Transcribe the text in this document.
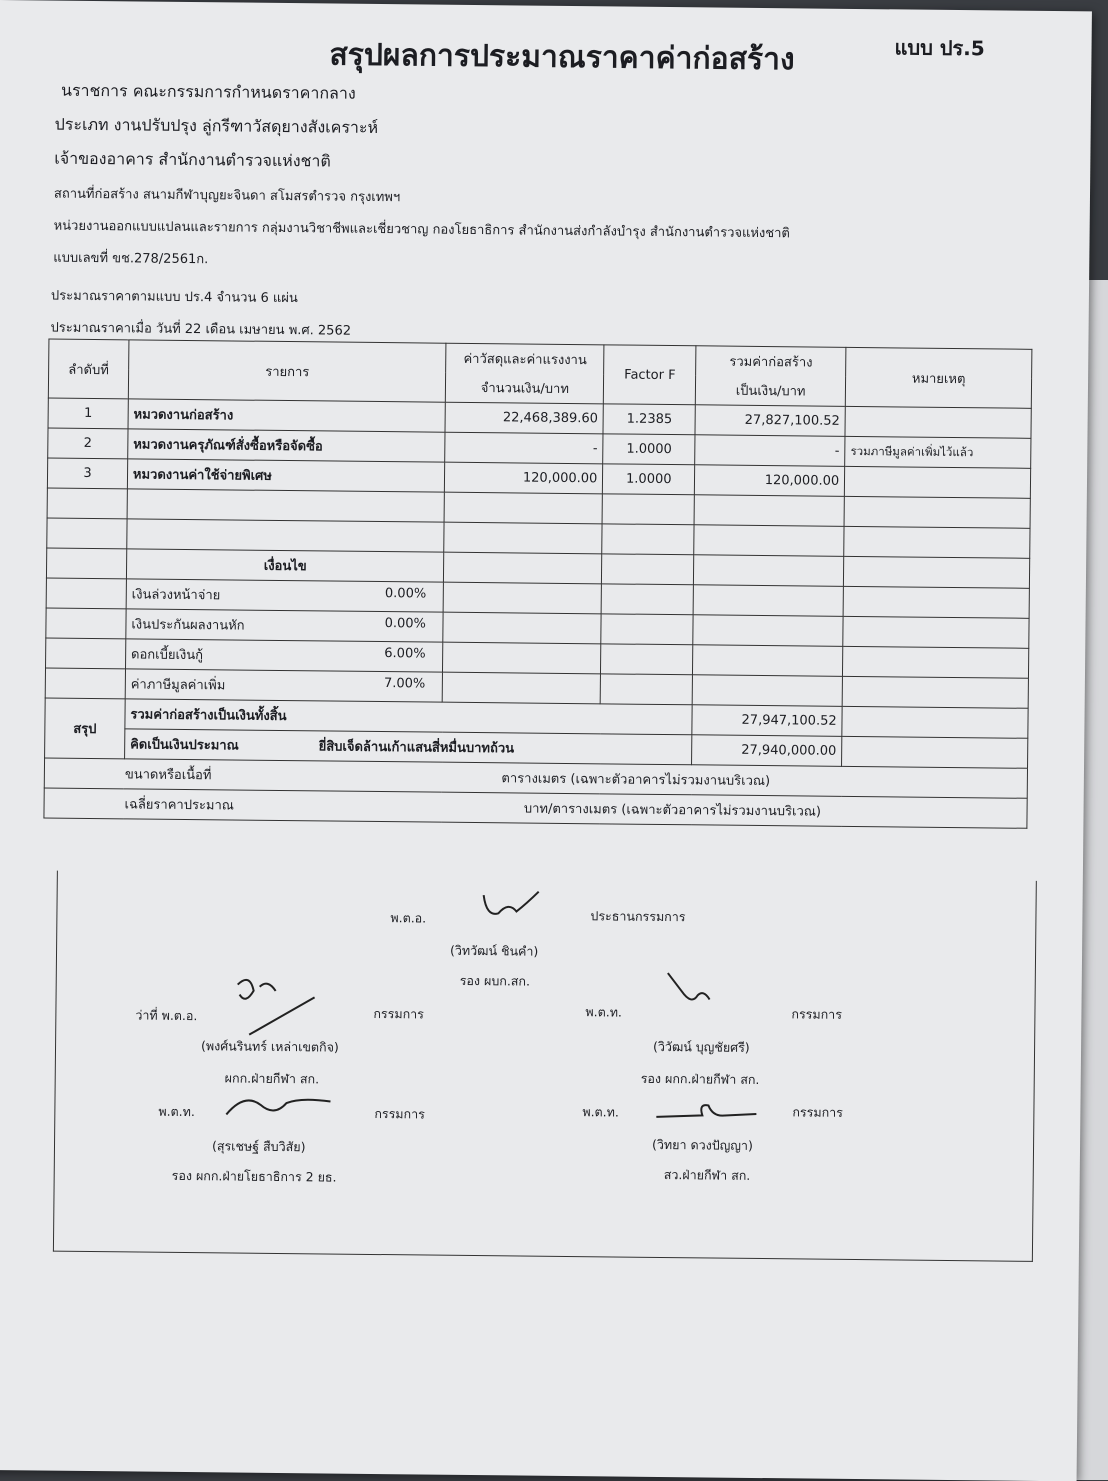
สรุปผลการประมาณราคาค่าก่อสร้าง	แบบ ปร.5
นราชการ คณะกรรมการกำหนดราคากลาง
ประเภท งานปรับปรุง ลู่กรีฑาวัสดุยางสังเคราะห์
เจ้าของอาคาร สำนักงานตำรวจแห่งชาติ
สถานที่ก่อสร้าง สนามกีฬาบุญยะจินดา สโมสรตำรวจ กรุงเทพฯ
หน่วยงานออกแบบแปลนและรายการ กลุ่มงานวิชาชีพและเชี่ยวชาญ กองโยธาธิการ สำนักงานส่งกำลังบำรุง สำนักงานตำรวจแห่งชาติ
แบบเลขที่ ขช.278/2561ก.
ประมาณราคาตามแบบ ปร.4 จำนวน 6 แผ่น
ประมาณราคาเมื่อ วันที่ 22 เดือน เมษายน พ.ศ. 2562
ลำดับที่	รายการ	ค่าวัสดุและค่าแรงงาน	Factor F	รวมค่าก่อสร้าง	หมายเหตุ
		จำนวนเงิน/บาท		เป็นเงิน/บาท	
1	หมวดงานก่อสร้าง	22,468,389.60	1.2385	27,827,100.52	
2	หมวดงานครุภัณฑ์สั่งซื้อหรือจัดซื้อ	-	1.0000	-	รวมภาษีมูลค่าเพิ่มไว้แล้ว
3	หมวดงานค่าใช้จ่ายพิเศษ	120,000.00	1.0000	120,000.00	

	เงื่อนไข				
	เงินล่วงหน้าจ่าย 0.00%				

	เงินประกันผลงานหัก 0.00%				

	ดอกเบี้ยเงินกู้ 6.00%				

	ค่าภาษีมูลค่าเพิ่ม 7.00%				

สรุป	รวมค่าก่อสร้างเป็นเงินทั้งสิ้น			27,947,100.52	
	คิดเป็นเงินประมาณ ยี่สิบเจ็ดล้านเก้าแสนสี่หมื่นบาทถ้วน			27,940,000.00	
ขนาดหรือเนื้อที่ ตารางเมตร (เฉพาะตัวอาคารไม่รวมงานบริเวณ)					
เฉลี่ยราคาประมาณ บาท/ตารางเมตร (เฉพาะตัวอาคารไม่รวมงานบริเวณ)					
พ.ต.อ.	ประธานกรรมการ
(วิทวัฒน์ ชินคำ)
รอง ผบก.สก.
ว่าที่ พ.ต.อ.	กรรมการ
(พงศ์นรินทร์ เหล่าเขตกิจ)
ผกก.ฝ่ายกีฬา สก.
พ.ต.ท.	กรรมการ
(วิวัฒน์ บุญชัยศรี)
รอง ผกก.ฝ่ายกีฬา สก.
พ.ต.ท.	กรรมการ
(สุรเชษฐ์ สืบวิสัย)
รอง ผกก.ฝ่ายโยธาธิการ 2 ยธ.
พ.ต.ท.	กรรมการ
(วิทยา ดวงปัญญา)
สว.ฝ่ายกีฬา สก.
